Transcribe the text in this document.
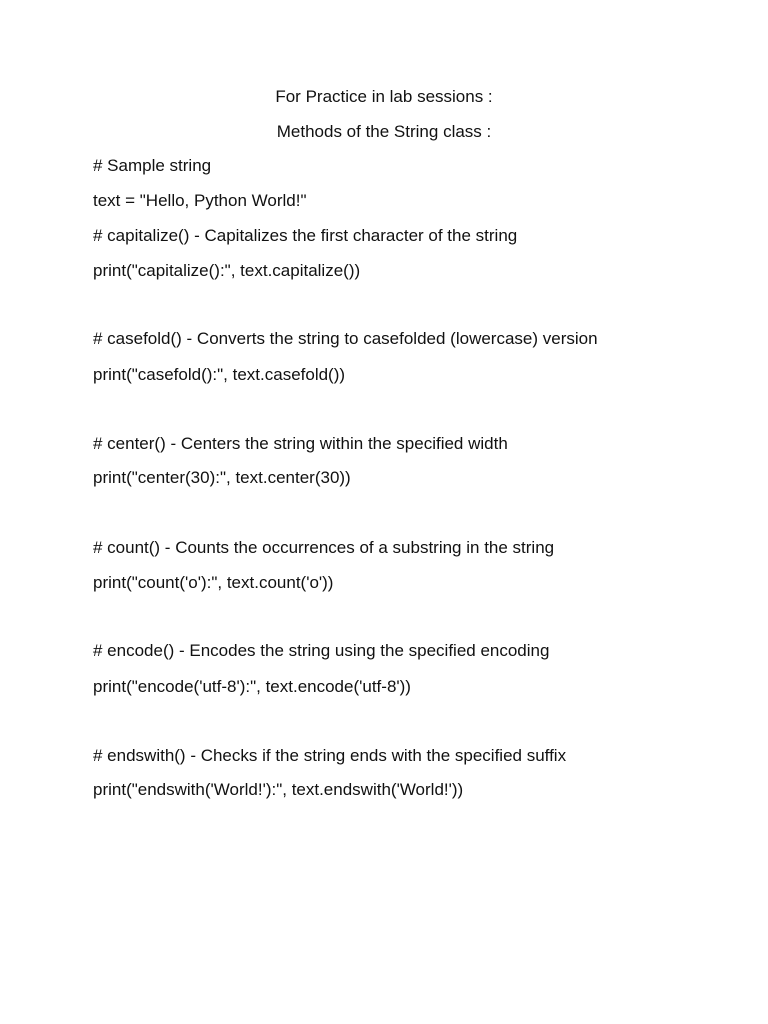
For Practice in lab sessions :
Methods of the String class :
# Sample string
text = "Hello, Python World!"
# capitalize() - Capitalizes the first character of the string
print("capitalize():", text.capitalize())
# casefold() - Converts the string to casefolded (lowercase) version
print("casefold():", text.casefold())
# center() - Centers the string within the specified width
print("center(30):", text.center(30))
# count() - Counts the occurrences of a substring in the string
print("count('o'):", text.count('o'))
# encode() - Encodes the string using the specified encoding
print("encode('utf-8'):", text.encode('utf-8'))
# endswith() - Checks if the string ends with the specified suffix
print("endswith('World!'):", text.endswith('World!'))
